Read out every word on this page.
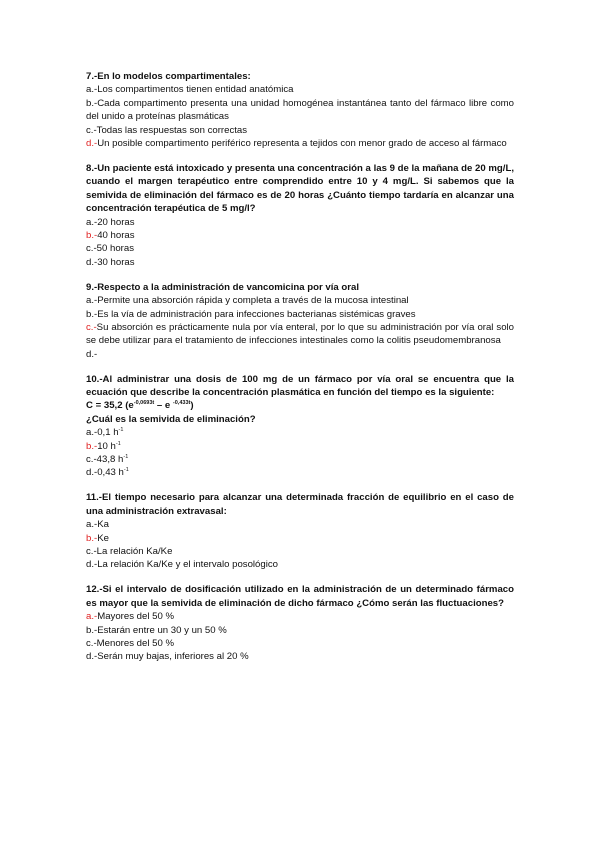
7.-En lo modelos compartimentales:
a.-Los compartimentos tienen entidad anatómica
b.-Cada compartimento presenta una unidad homogénea instantánea tanto del fármaco libre como del unido a proteínas plasmáticas
c.-Todas las respuestas son correctas
d.-Un posible compartimento periférico representa a tejidos con menor grado de acceso al fármaco
8.-Un paciente está intoxicado y presenta una concentración a las 9 de la mañana de 20 mg/L, cuando el margen terapéutico entre comprendido entre 10 y 4 mg/L. Si sabemos que la semivida de eliminación del fármaco es de 20 horas ¿Cuánto tiempo tardaría en alcanzar una concentración terapéutica de 5 mg/l?
a.-20 horas
b.-40 horas
c.-50 horas
d.-30 horas
9.-Respecto a la administración de vancomicina por vía oral
a.-Permite una absorción rápida y completa a través de la mucosa intestinal
b.-Es la vía de administración para infecciones bacterianas sistémicas graves
c.-Su absorción es prácticamente nula por vía enteral, por lo que su administración por vía oral solo se debe utilizar para el tratamiento de infecciones intestinales como la colitis pseudomembranosa
d.-
10.-Al administrar una dosis de 100 mg de un fármaco por vía oral se encuentra que la ecuación que describe la concentración plasmática en función del tiempo es la siguiente:
C = 35,2 ($e^{-0,0693t}$ – e $^{-0,433t}$)
¿Cuál es la semivida de eliminación?
a.-0,1 $h^{-1}$
b.-10 $h^{-1}$
c.-43,8 $h^{-1}$
d.-0,43 $h^{-1}$
11.-El tiempo necesario para alcanzar una determinada fracción de equilibrio en el caso de una administración extravasal:
a.-Ka
b.-Ke
c.-La relación Ka/Ke
d.-La relación Ka/Ke y el intervalo posológico
12.-Si el intervalo de dosificación utilizado en la administración de un determinado fármaco es mayor que la semivida de eliminación de dicho fármaco ¿Cómo serán las fluctuaciones?
a.-Mayores del 50 %
b.-Estarán entre un 30 y un 50 %
c.-Menores del 50 %
d.-Serán muy bajas, inferiores al 20 %
